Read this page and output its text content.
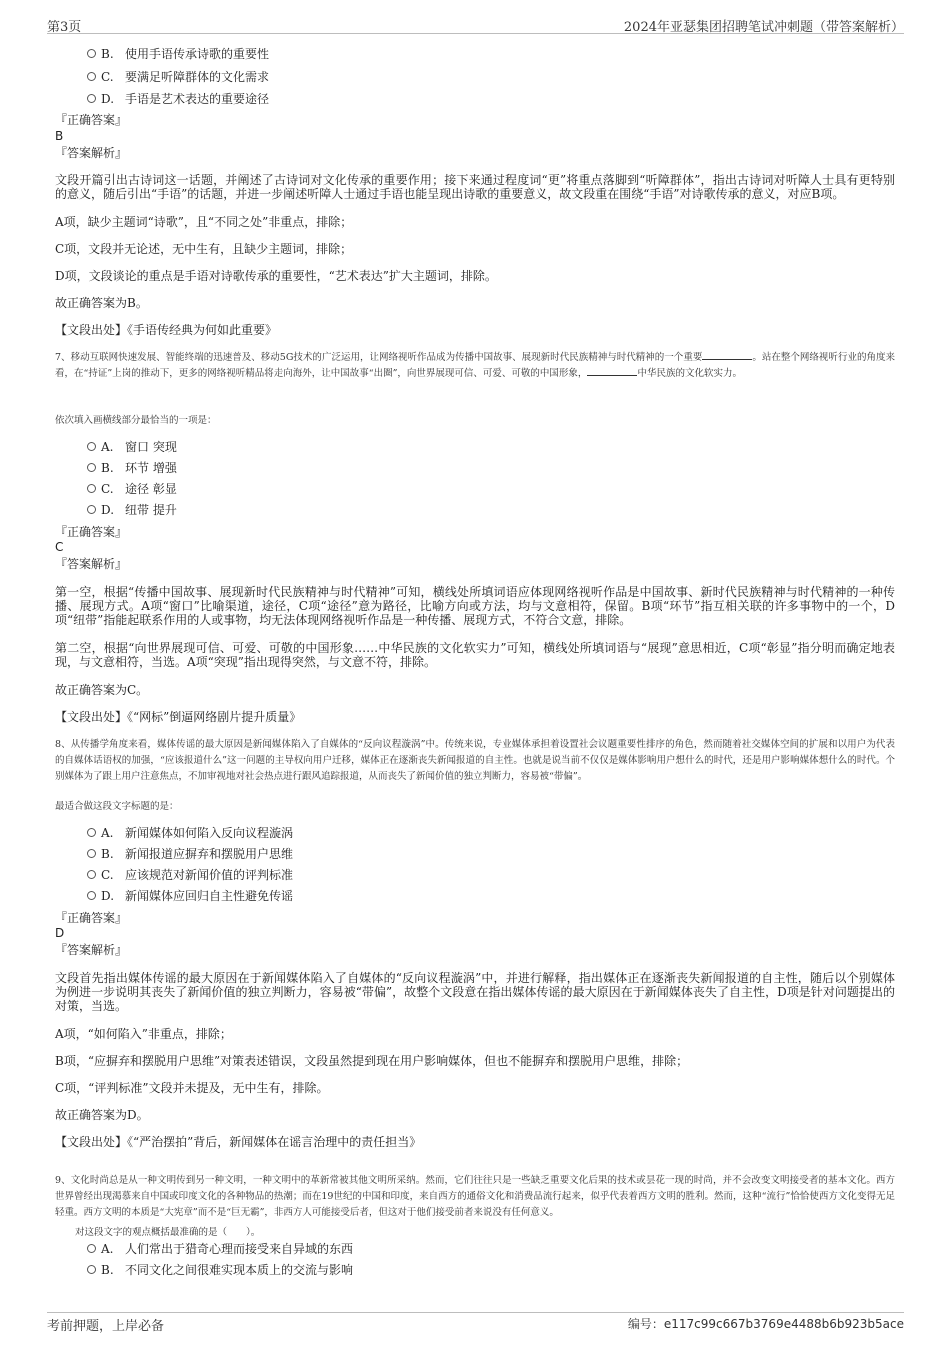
第3页	2024年亚瑟集团招聘笔试冲刺题（带答案解析）
B. 使用手语传承诗歌的重要性
C. 要满足听障群体的文化需求
D. 手语是艺术表达的重要途径
『正确答案』
B
『答案解析』
文段开篇引出古诗词这一话题，并阐述了古诗词对文化传承的重要作用；接下来通过程度词“更”将重点落脚到“听障群体”，指出古诗词对听障人士具有更特别的意义，随后引出“手语”的话题，并进一步阐述听障人士通过手语也能呈现出诗歌的重要意义，故文段重在围绕“手语”对诗歌传承的意义，对应B项。
A项，缺少主题词“诗歌”，且“不同之处”非重点，排除；
C项，文段并无论述，无中生有，且缺少主题词，排除；
D项，文段谈论的重点是手语对诗歌传承的重要性，“艺术表达”扩大主题词，排除。
故正确答案为B。
【文段出处】《手语传经典为何如此重要》
7、移动互联网快速发展、智能终端的迅速普及、移动5G技术的广泛运用，让网络视听作品成为传播中国故事、展现新时代民族精神与时代精神的一个重要	。站在整个网络视听行业的角度来看，在“持证”上岗的推动下，更多的网络视听精品将走向海外，让中国故事“出圈”，向世界展现可信、可爱、可敬的中国形象，	中华民族的文化软实力。
依次填入画横线部分最恰当的一项是：
A. 窗口 突现
B. 环节 增强
C. 途径 彰显
D. 纽带 提升
『正确答案』
C
『答案解析』
第一空，根据“传播中国故事、展现新时代民族精神与时代精神”可知，横线处所填词语应体现网络视听作品是中国故事、新时代民族精神与时代精神的一种传播、展现方式。A项“窗口”比喻渠道，途径，C项“途径”意为路径，比喻方向或方法，均与文意相符，保留。B项“环节”指互相关联的许多事物中的一个，D项“纽带”指能起联系作用的人或事物，均无法体现网络视听作品是一种传播、展现方式，不符合文意，排除。
第二空，根据“向世界展现可信、可爱、可敬的中国形象……中华民族的文化软实力”可知，横线处所填词语与“展现”意思相近，C项“彰显”指分明而确定地表现，与文意相符，当选。A项“突现”指出现得突然，与文意不符，排除。
故正确答案为C。
【文段出处】《“网标”倒逼网络剧片提升质量》
8、从传播学角度来看，媒体传谣的最大原因是新闻媒体陷入了自媒体的“反向议程漩涡”中。传统来说，专业媒体承担着设置社会议题重要性排序的角色，然而随着社交媒体空间的扩展和以用户为代表的自媒体话语权的加强，“应该报道什么”这一问题的主导权向用户迁移，媒体正在逐渐丧失新闻报道的自主性。也就是说当前不仅仅是媒体影响用户想什么的时代，还是用户影响媒体想什么的时代。个别媒体为了跟上用户注意焦点，不加审视地对社会热点进行跟风追踪报道，从而丧失了新闻价值的独立判断力，容易被“带偏”。
最适合做这段文字标题的是：
A. 新闻媒体如何陷入反向议程漩涡
B. 新闻报道应摒弃和摆脱用户思维
C. 应该规范对新闻价值的评判标准
D. 新闻媒体应回归自主性避免传谣
『正确答案』
D
『答案解析』
文段首先指出媒体传谣的最大原因在于新闻媒体陷入了自媒体的“反向议程漩涡”中，并进行解释，指出媒体正在逐渐丧失新闻报道的自主性，随后以个别媒体为例进一步说明其丧失了新闻价值的独立判断力，容易被“带偏”，故整个文段意在指出媒体传谣的最大原因在于新闻媒体丧失了自主性，D项是针对问题提出的对策，当选。
A项，“如何陷入”非重点，排除；
B项，“应摒弃和摆脱用户思维”对策表述错误，文段虽然提到现在用户影响媒体，但也不能摒弃和摆脱用户思维，排除；
C项，“评判标准”文段并未提及，无中生有，排除。
故正确答案为D。
【文段出处】《“严治摆拍”背后，新闻媒体在谣言治理中的责任担当》
9、文化时尚总是从一种文明传到另一种文明，一种文明中的革新常被其他文明所采纳。然而，它们往往只是一些缺乏重要文化后果的技术或昙花一现的时尚，并不会改变文明接受者的基本文化。西方世界曾经出现渴慕来自中国或印度文化的各种物品的热潮；而在19世纪的中国和印度，来自西方的通俗文化和消费品流行起来，似乎代表着西方文明的胜利。然而，这种“流行”恰恰使西方文化变得无足轻重。西方文明的本质是“大宪章”而不是“巨无霸”，非西方人可能接受后者，但这对于他们接受前者来说没有任何意义。
对这段文字的观点概括最准确的是（　　）。
A. 人们常出于猎奇心理而接受来自异域的东西
B. 不同文化之间很难实现本质上的交流与影响
考前押题，上岸必备	编号：e117c99c667b3769e4488b6b923b5ace
